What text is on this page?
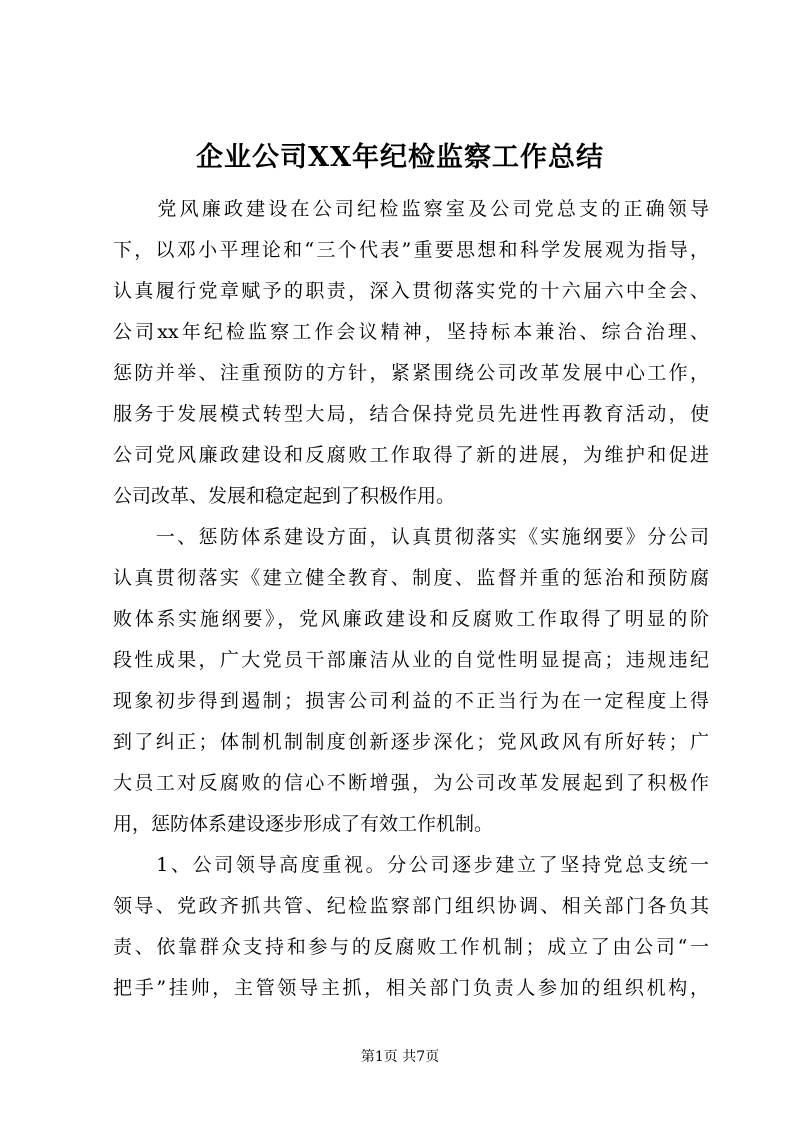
企业公司XX年纪检监察工作总结
　　党风廉政建设在公司纪检监察室及公司党总支的正确领导
下，以邓小平理论和“三个代表”重要思想和科学发展观为指导，
认真履行党章赋予的职责，深入贯彻落实党的十六届六中全会、
公司xx年纪检监察工作会议精神，坚持标本兼治、综合治理、
惩防并举、注重预防的方针，紧紧围绕公司改革发展中心工作，
服务于发展模式转型大局，结合保持党员先进性再教育活动，使
公司党风廉政建设和反腐败工作取得了新的进展，为维护和促进
公司改革、发展和稳定起到了积极作用。
　　一、惩防体系建设方面，认真贯彻落实《实施纲要》分公司
认真贯彻落实《建立健全教育、制度、监督并重的惩治和预防腐
败体系实施纲要》，党风廉政建设和反腐败工作取得了明显的阶
段性成果，广大党员干部廉洁从业的自觉性明显提高；违规违纪
现象初步得到遏制；损害公司利益的不正当行为在一定程度上得
到了纠正；体制机制制度创新逐步深化；党风政风有所好转；广
大员工对反腐败的信心不断增强，为公司改革发展起到了积极作
用，惩防体系建设逐步形成了有效工作机制。
　　1、公司领导高度重视。分公司逐步建立了坚持党总支统一
领导、党政齐抓共管、纪检监察部门组织协调、相关部门各负其
责、依靠群众支持和参与的反腐败工作机制；成立了由公司“一
把手”挂帅，主管领导主抓，相关部门负责人参加的组织机构，
第1页 共7页
